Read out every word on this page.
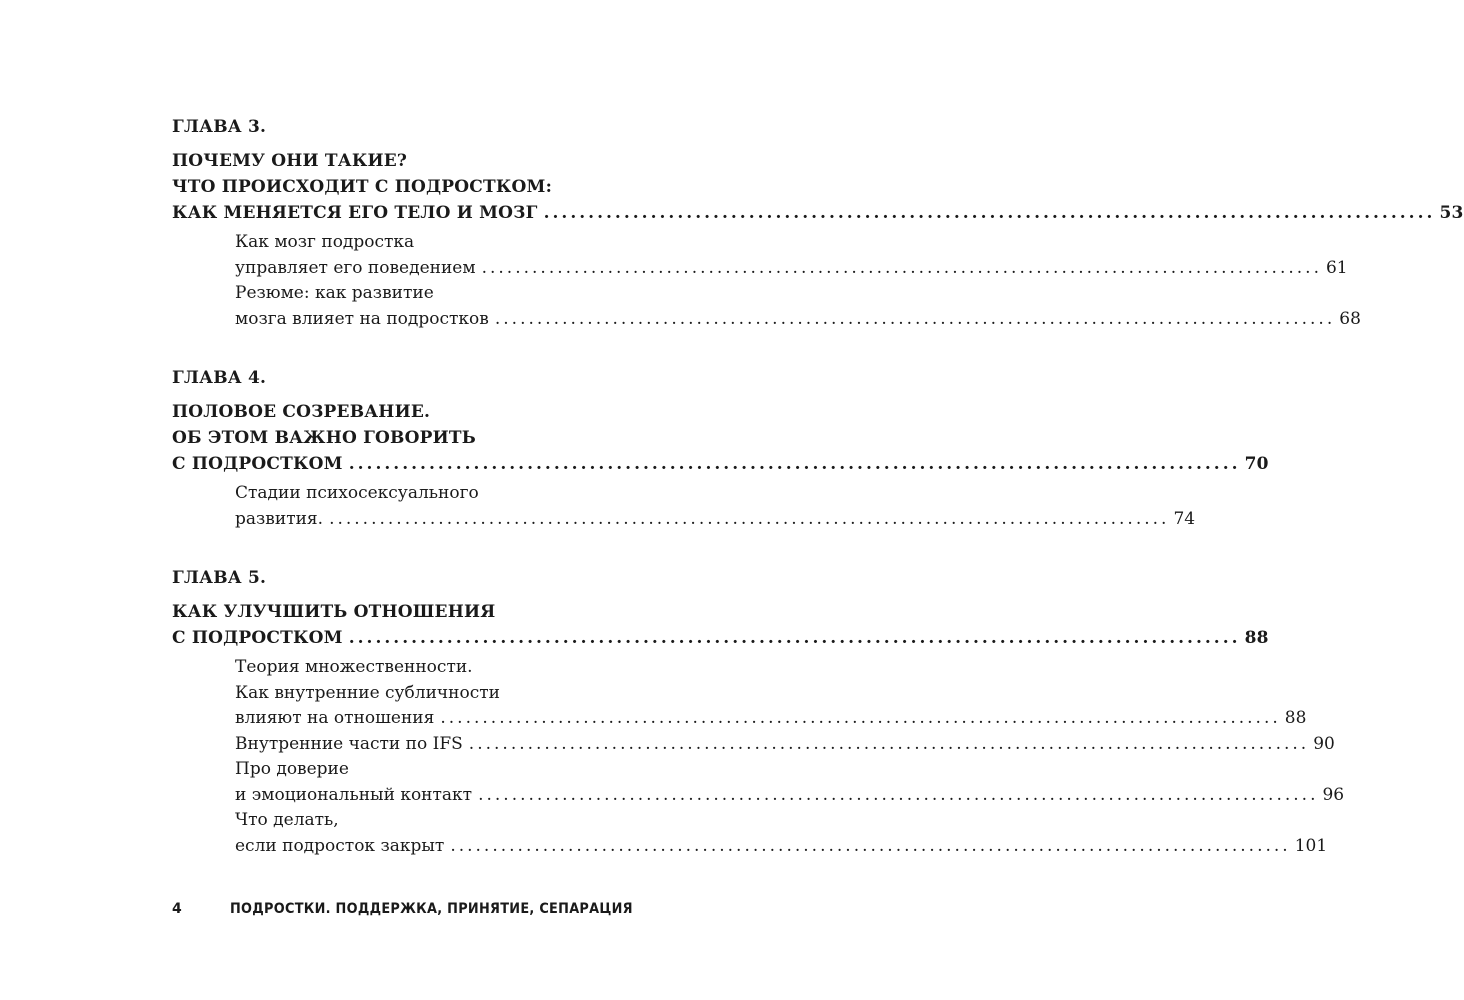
ГЛАВА 3.
ПОЧЕМУ ОНИ ТАКИЕ?
ЧТО ПРОИСХОДИТ С ПОДРОСТКОМ:
КАК МЕНЯЕТСЯ ЕГО ТЕЛО И МОЗГ .................................................................................................... 53
Как мозг подростка
управляет его поведением .................................................................................................... 61
Резюме: как развитие
мозга влияет на подростков .................................................................................................... 68
ГЛАВА 4.
ПОЛОВОЕ СОЗРЕВАНИЕ.
ОБ ЭТОМ ВАЖНО ГОВОРИТЬ
С ПОДРОСТКОМ .................................................................................................... 70
Стадии психосексуального
развития. .................................................................................................... 74
ГЛАВА 5.
КАК УЛУЧШИТЬ ОТНОШЕНИЯ
С ПОДРОСТКОМ .................................................................................................... 88
Теория множественности.
Как внутренние субличности
влияют на отношения .................................................................................................... 88
Внутренние части по IFS .................................................................................................... 90
Про доверие
и эмоциональный контакт .................................................................................................... 96
Что делать,
если подросток закрыт .................................................................................................... 101
4	ПОДРОСТКИ. ПОДДЕРЖКА, ПРИНЯТИЕ, СЕПАРАЦИЯ
